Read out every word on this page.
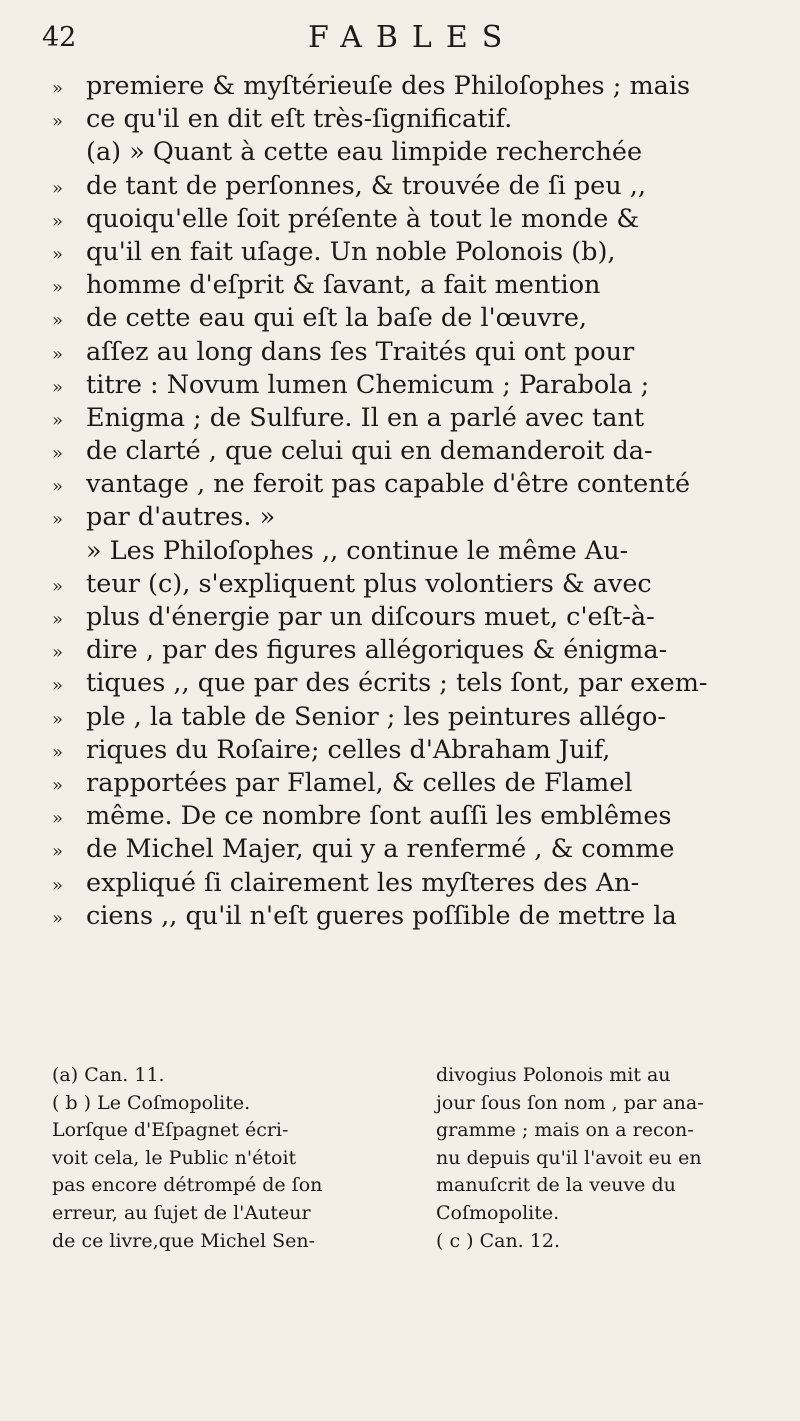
42	FABLES
» premiere & myſtérieuſe des Philoſophes ; mais
» ce qu'il en dit eſt très-ſignificatif.
(a) » Quant à cette eau limpide recherchée
» de tant de perſonnes, & trouvée de ſi peu ,,
» quoiqu'elle ſoit préſente à tout le monde &
» qu'il en fait uſage. Un noble Polonois (b),
» homme d'eſprit & ſavant, a fait mention
» de cette eau qui eſt la baſe de l'œuvre,
» aſſez au long dans ſes Traités qui ont pour
» titre : Novum lumen Chemicum ; Parabola ;
» Enigma ; de Sulfure. Il en a parlé avec tant
» de clarté , que celui qui en demanderoit da-
» vantage , ne feroit pas capable d'être contenté
» par d'autres. »
» Les Philoſophes ,, continue le même Au-
» teur (c), s'expliquent plus volontiers & avec
» plus d'énergie par un diſcours muet, c'eſt-à-
» dire , par des figures allégoriques & énigma-
» tiques ,, que par des écrits ; tels ſont, par exem-
» ple , la table de Senior ; les peintures allégo-
» riques du Roſaire; celles d'Abraham Juif,
» rapportées par Flamel, & celles de Flamel
» même. De ce nombre ſont auſſi les emblêmes
» de Michel Majer, qui y a renfermé , & comme
» expliqué ſi clairement les myſteres des An-
» ciens ,, qu'il n'eſt gueres poſſible de mettre la
(a) Can. 11.
( b ) Le Coſmopolite.
Lorſque d'Eſpagnet écri-
voit cela, le Public n'étoit
pas encore détrompé de ſon
erreur, au ſujet de l'Auteur
de ce livre,que Michel Sen-
divogius Polonois mit au
jour ſous ſon nom , par ana-
gramme ; mais on a recon-
nu depuis qu'il l'avoit eu en
manuſcrit de la veuve du
Coſmopolite.
( c ) Can. 12.
